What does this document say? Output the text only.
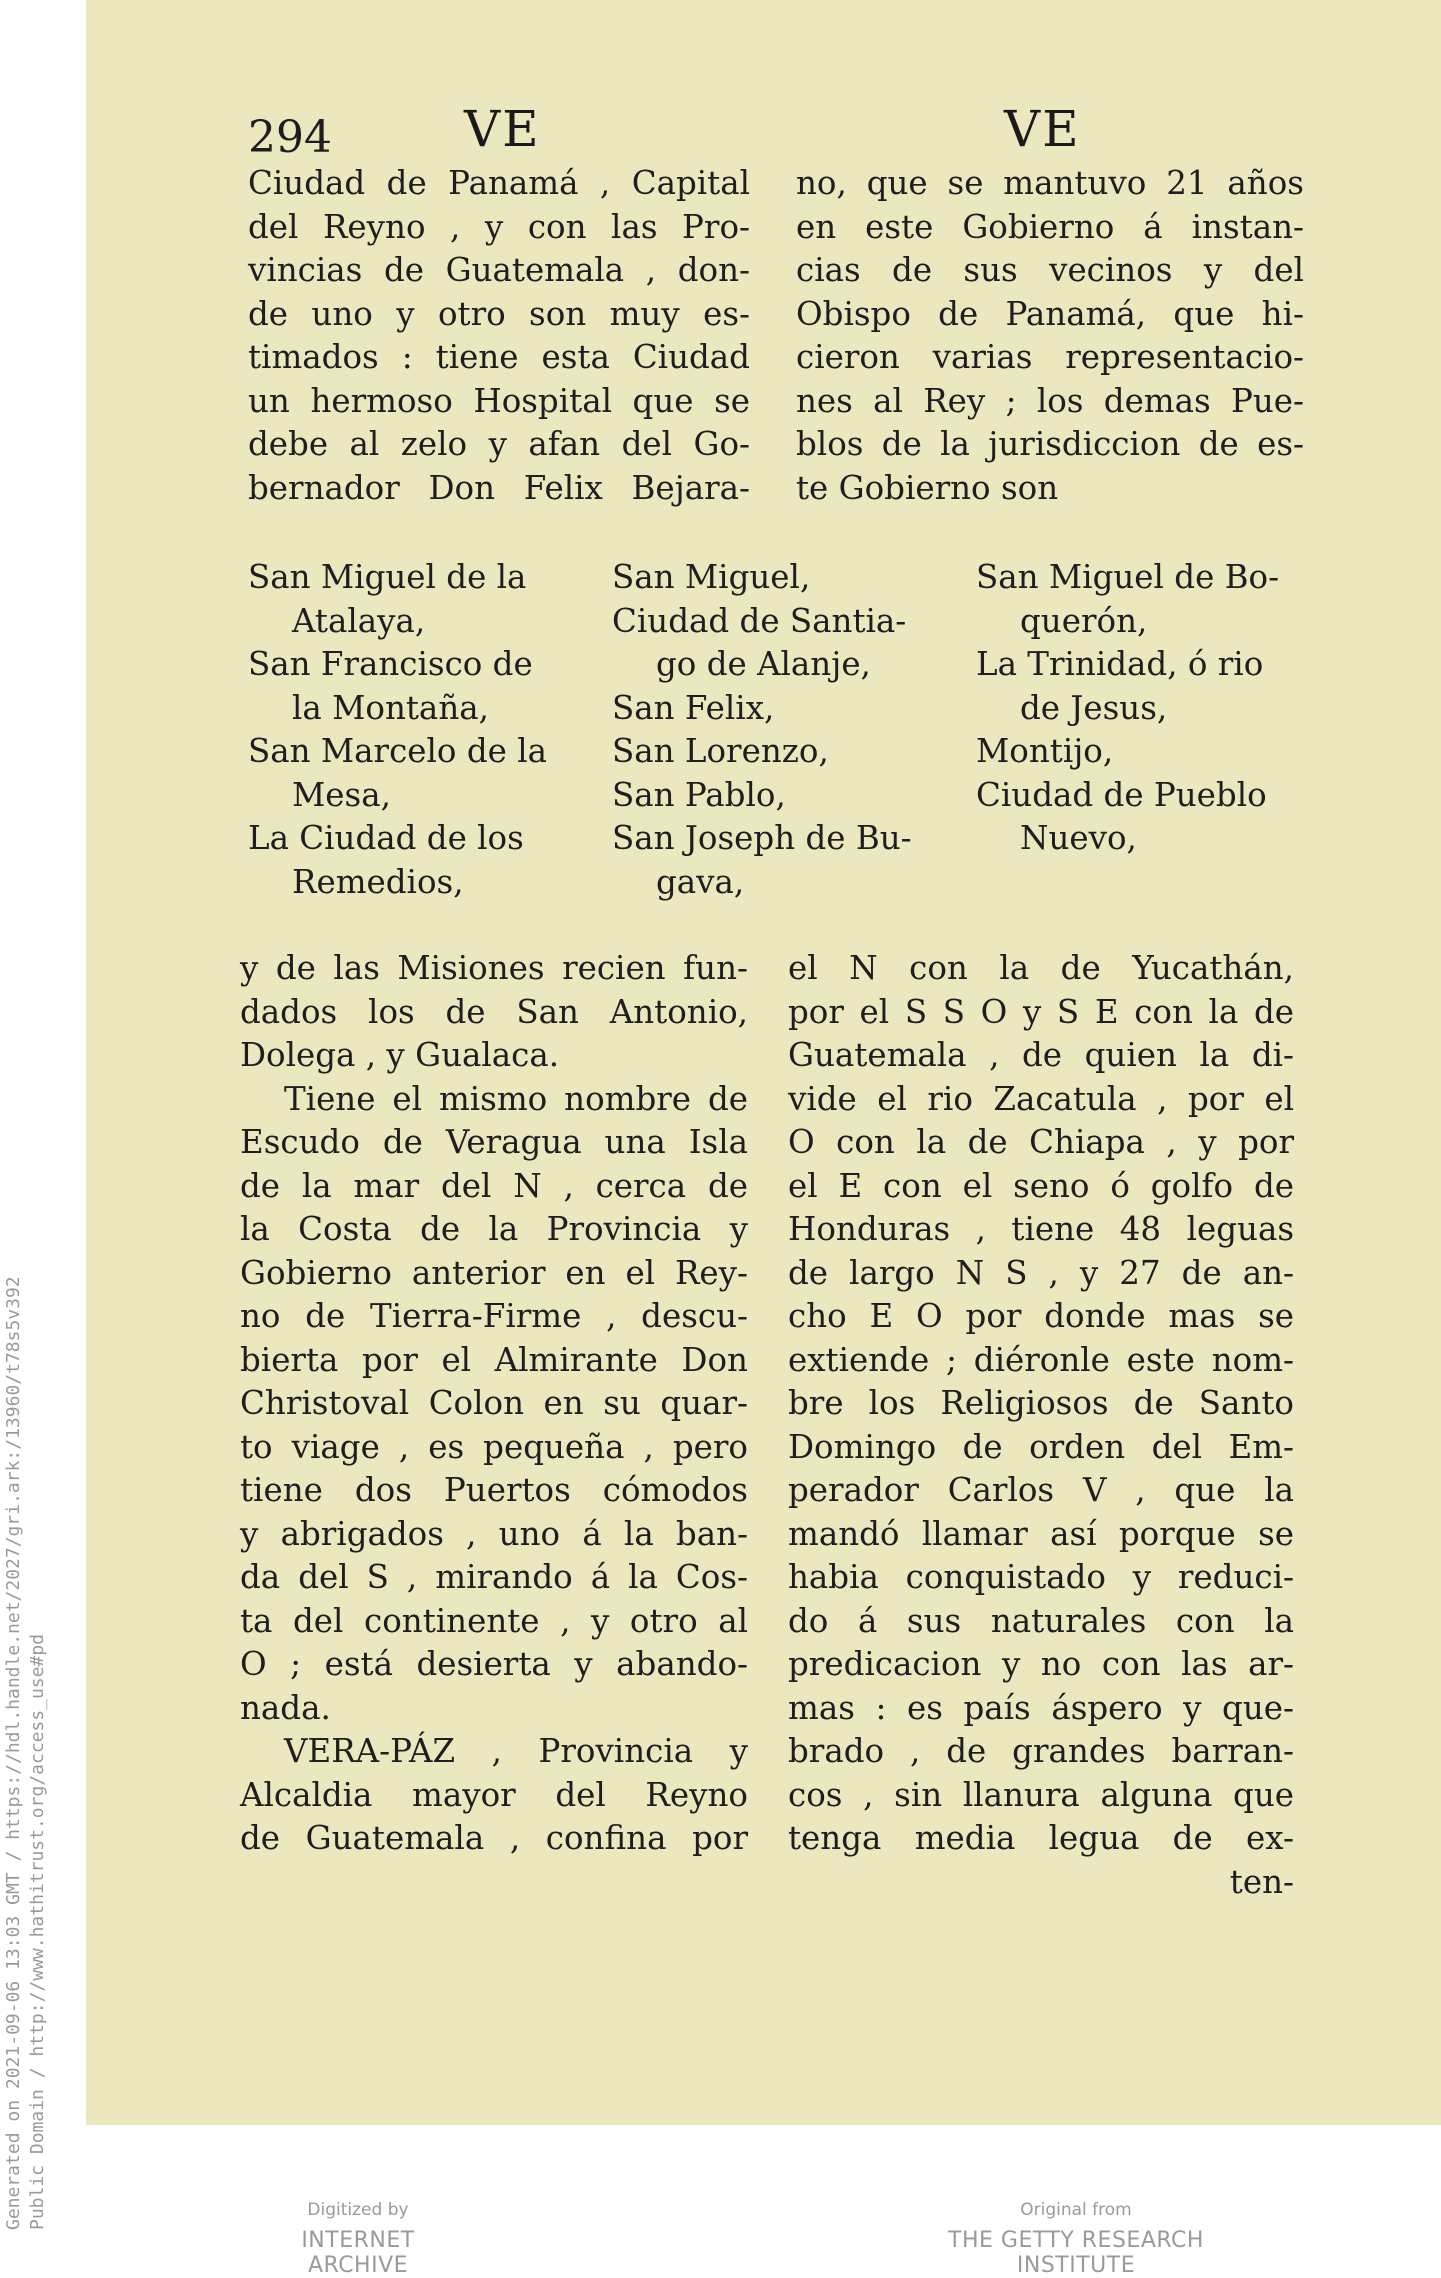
Generated on 2021-09-06 13:03 GMT / https://hdl.handle.net/2027/gri.ark:/13960/t78s5v392 Public Domain / http://www.hathitrust.org/access_use#pd
294	VE	VE
Ciudad de Panamá , Capital
del Reyno , y con las Pro-
vincias de Guatemala , don-
de uno y otro son muy es-
timados : tiene esta Ciudad
un hermoso Hospital que se
debe al zelo y afan del Go-
bernador Don Felix Bejara-
no, que se mantuvo 21 años
en este Gobierno á instan-
cias de sus vecinos y del
Obispo de Panamá, que hi-
cieron varias representacio-
nes al Rey ; los demas Pue-
blos de la jurisdiccion de es-
te Gobierno son
San Miguel de la
Atalaya,
San Francisco de
la Montaña,
San Marcelo de la
Mesa,
La Ciudad de los
Remedios,
San Miguel,
Ciudad de Santia-
go de Alanje,
San Felix,
San Lorenzo,
San Pablo,
San Joseph de Bu-
gava,
San Miguel de Bo-
querón,
La Trinidad, ó rio
de Jesus,
Montijo,
Ciudad de Pueblo
Nuevo,
y de las Misiones recien fun-
dados los de San Antonio,
Dolega , y Gualaca.
Tiene el mismo nombre de
Escudo de Veragua una Isla
de la mar del N , cerca de
la Costa de la Provincia y
Gobierno anterior en el Rey-
no de Tierra-Firme , descu-
bierta por el Almirante Don
Christoval Colon en su quar-
to viage , es pequeña , pero
tiene dos Puertos cómodos
y abrigados , uno á la ban-
da del S , mirando á la Cos-
ta del continente , y otro al
O ; está desierta y abando-
nada.
VERA-PÁZ , Provincia y
Alcaldia mayor del Reyno
de Guatemala , confina por
el N con la de Yucathán,
por el S S O y S E con la de
Guatemala , de quien la di-
vide el rio Zacatula , por el
O con la de Chiapa , y por
el E con el seno ó golfo de
Honduras , tiene 48 leguas
de largo N S , y 27 de an-
cho E O por donde mas se
extiende ; diéronle este nom-
bre los Religiosos de Santo
Domingo de orden del Em-
perador Carlos V , que la
mandó llamar así porque se
habia conquistado y reduci-
do á sus naturales con la
predicacion y no con las ar-
mas : es país áspero y que-
brado , de grandes barran-
cos , sin llanura alguna que
tenga media legua de ex-
ten-
Digitized by
INTERNET ARCHIVE
Original from
THE GETTY RESEARCH INSTITUTE
